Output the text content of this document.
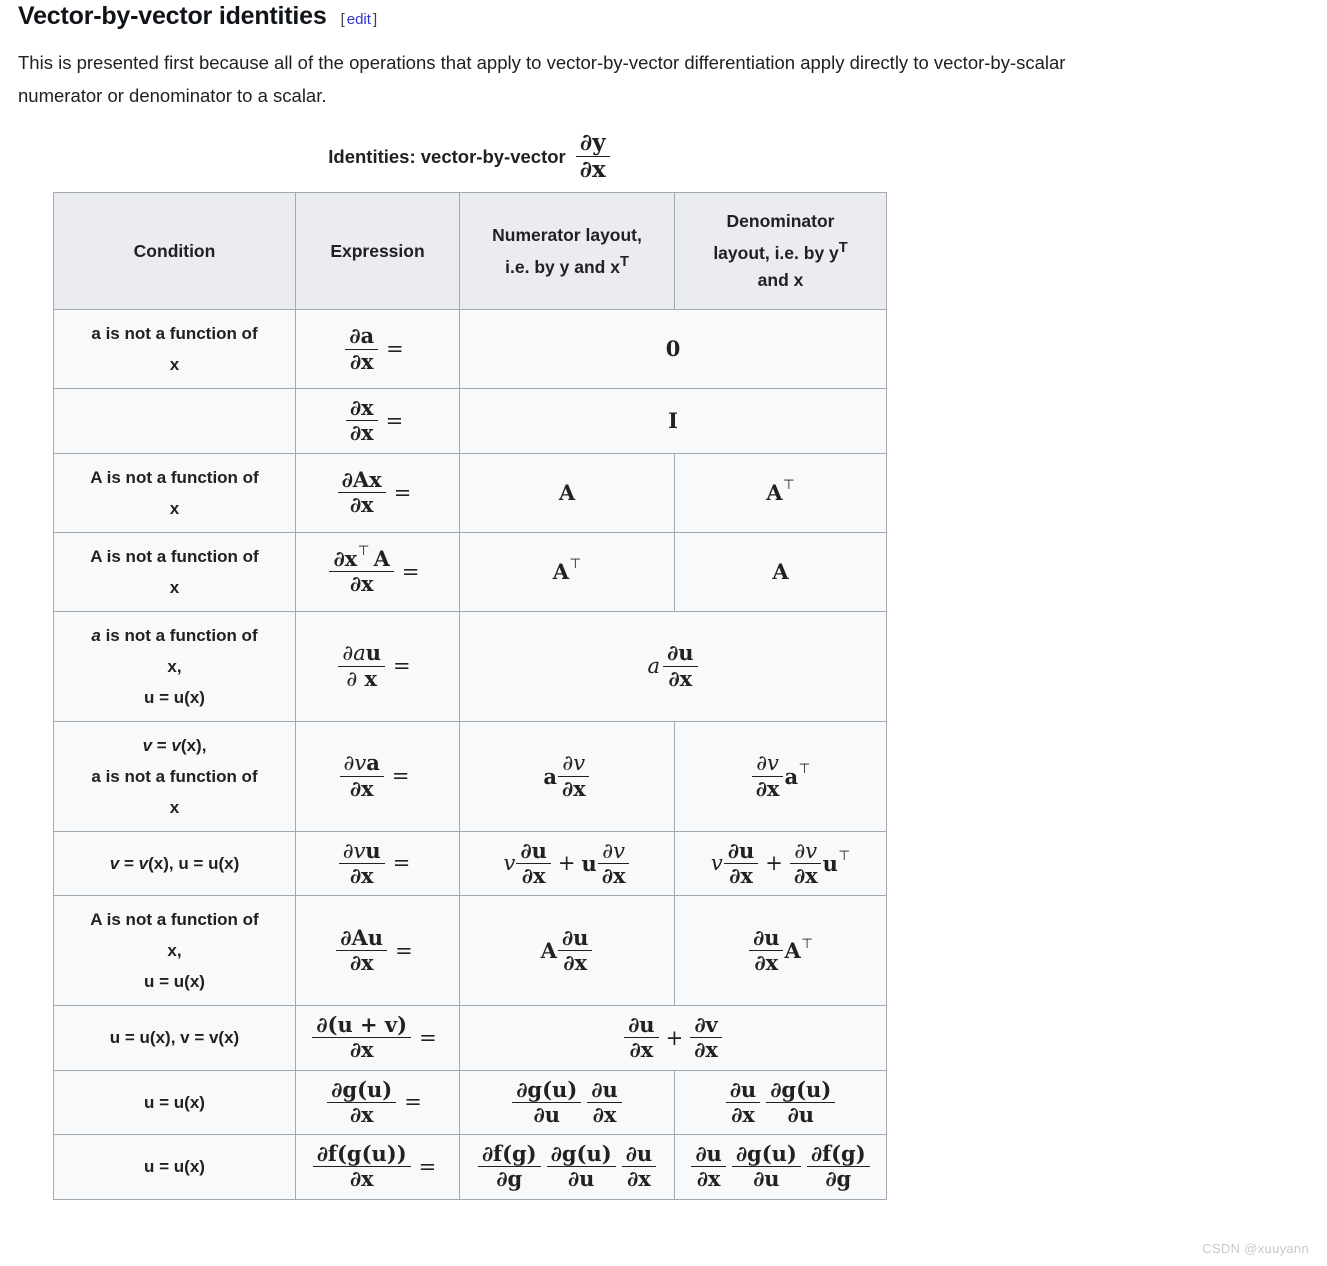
Vector-by-vector identities [ edit ]
This is presented first because all of the operations that apply to vector-by-vector differentiation apply directly to vector-by-scalar
numerator or denominator to a scalar.
Identities: vector-by-vector $\frac{\partial y}{\partial x}$
Condition	Expression	Numerator layout,
i.e. by y and $x^T$	Denominator
layout, i.e. by $y^T$
and x
a is not a function of
x	$\frac{\partial a}{\partial x}$ =	0	

	$\frac{\partial x}{\partial x}$ =	I	
A is not a function of
x	$\frac{\partial Ax}{\partial x}$ =	A	A⊤
A is not a function of
x	$\frac{\partial x^⊤ A}{\partial x}$ =	A⊤	A
a is not a function of
x,
u = u(x)	$\frac{\partial au}{\partial x}$ =	a $\frac{\partial u}{\partial x}$

v = v(x),
a is not a function of
x	$\frac{\partial va}{\partial x}$ =	a $\frac{\partial v}{\partial x}$	$\frac{\partial v}{\partial x} a^⊤$

v = v(x), u = u(x)	$\frac{\partial vu}{\partial x}$ =	v $\frac{\partial u}{\partial x} + u \frac{\partial v}{\partial x}$	v $\frac{\partial u}{\partial x} + \frac{\partial v}{\partial x} u^⊤$

A is not a function of
x,
u = u(x)	$\frac{\partial Au}{\partial x}$ =	A $\frac{\partial u}{\partial x}$	$\frac{\partial u}{\partial x} A^⊤$

u = u(x), v = v(x)	$\frac{\partial(u + v)}{\partial x}$ =	$\frac{\partial u}{\partial x} + \frac{\partial v}{\partial x}$

u = u(x)	$\frac{\partial g(u)}{\partial x}$ =	$\frac{\partial g(u)}{\partial u} \frac{\partial u}{\partial x}$	$\frac{\partial u}{\partial x} \frac{\partial g(u)}{\partial u}$

u = u(x)	$\frac{\partial f(g(u))}{\partial x}$ =	$\frac{\partial f(g)}{\partial g} \frac{\partial g(u)}{\partial u} \frac{\partial u}{\partial x}$	$\frac{\partial u}{\partial x} \frac{\partial g(u)}{\partial u} \frac{\partial f(g)}{\partial g}$
CSDN @xuuyann
